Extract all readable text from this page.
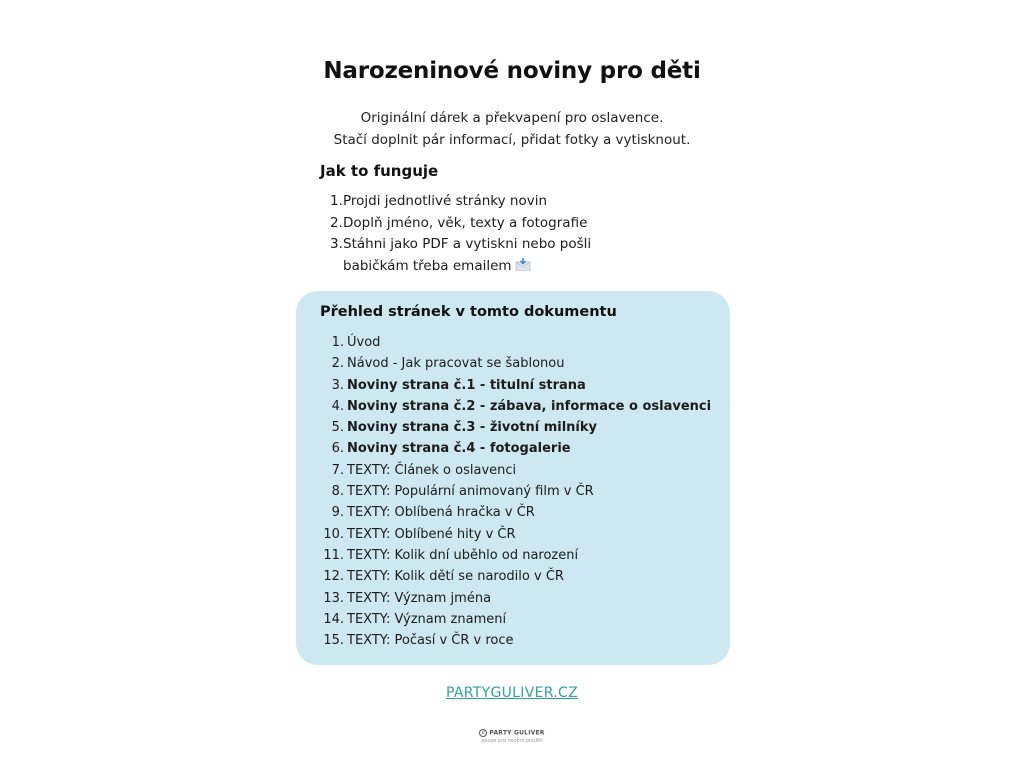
Narozeninové noviny pro děti
Originální dárek a překvapení pro oslavence.
Stačí doplnit pár informací, přidat fotky a vytisknout.
Jak to funguje
1. Projdi jednotlivé stránky novin
2. Doplň jméno, věk, texty a fotografie
3. Stáhni jako PDF a vytiskni nebo pošli
babičkám třeba emailem
Přehled stránek v tomto dokumentu
1. Úvod
2. Návod - Jak pracovat se šablonou
3. Noviny strana č.1 - titulní strana
4. Noviny strana č.2 - zábava, informace o oslavenci
5. Noviny strana č.3 - životní milníky
6. Noviny strana č.4 - fotogalerie
7. TEXTY: Článek o oslavenci
8. TEXTY: Populární animovaný film v ČR
9. TEXTY: Oblíbená hračka v ČR
10. TEXTY: Oblíbené hity v ČR
11. TEXTY: Kolik dní uběhlo od narození
12. TEXTY: Kolik dětí se narodilo v ČR
13. TEXTY: Význam jména
14. TEXTY: Význam znamení
15. TEXTY: Počasí v ČR v roce
PARTYGULIVER.CZ
© PARTY GULIVER
pouze pro osobní použití
